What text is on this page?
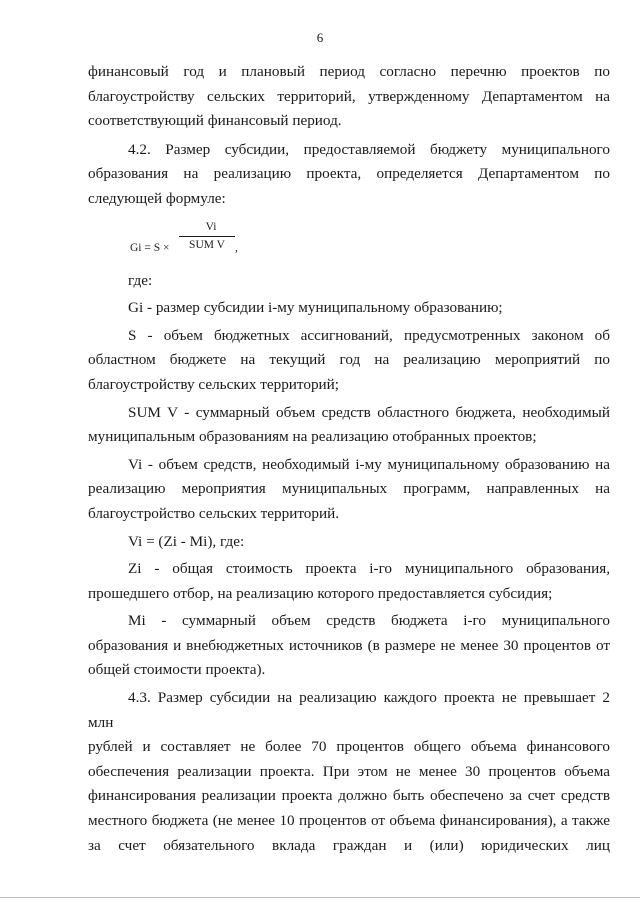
6
финансовый год и плановый период согласно перечню проектов по
благоустройству сельских территорий, утвержденному Департаментом на
соответствующий финансовый период.
4.2. Размер субсидии, предоставляемой бюджету муниципального
образования на реализацию проекта, определяется Департаментом по
следующей формуле:
Gi = S ×
Vi
SUM V ,
где:
Gi - размер субсидии i-му муниципальному образованию;
S - объем бюджетных ассигнований, предусмотренных законом об
областном бюджете на текущий год на реализацию мероприятий по
благоустройству сельских территорий;
SUM V - суммарный объем средств областного бюджета, необходимый
муниципальным образованиям на реализацию отобранных проектов;
Vi - объем средств, необходимый i-му муниципальному образованию на
реализацию мероприятия муниципальных программ, направленных на
благоустройство сельских территорий.
Vi = (Zi - Mi), где:
Zi - общая стоимость проекта i-го муниципального образования,
прошедшего отбор, на реализацию которого предоставляется субсидия;
Mi - суммарный объем средств бюджета i-го муниципального
образования и внебюджетных источников (в размере не менее 30 процентов от
общей стоимости проекта).
4.3. Размер субсидии на реализацию каждого проекта не превышает 2 млн
рублей и составляет не более 70 процентов общего объема финансового
обеспечения реализации проекта. При этом не менее 30 процентов объема
финансирования реализации проекта должно быть обеспечено за счет средств
местного бюджета (не менее 10 процентов от объема финансирования), а также
за счет обязательного вклада граждан и (или) юридических лиц
